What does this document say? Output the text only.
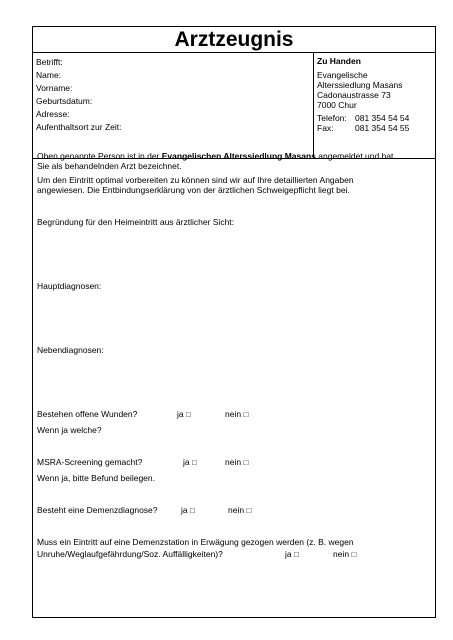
Arztzeugnis
Betrifft:
Name:
Vorname:
Geburtsdatum:
Adresse:
Aufenthaltsort zur Zeit:
Zu Handen
Evangelische
Alterssiedlung Masans
Cadonaustrasse 73
7000 Chur
Telefon: 081 354 54 54
Fax:	081 354 54 55
Oben genannte Person ist in der Evangelischen Alterssiedlung Masans angemeldet und hat
Sie als behandelnden Arzt bezeichnet.
Um den Eintritt optimal vorbereiten zu können sind wir auf Ihre detaillierten Angaben
angewiesen. Die Entbindungserklärung von der ärztlichen Schweigepflicht liegt bei.
Begründung für den Heimeintritt aus ärztlicher Sicht:
Hauptdiagnosen:
Nebendiagnosen:
Bestehen offene Wunden?	ja □	nein □
Wenn ja welche?
MSRA-Screening gemacht?	ja □	nein □
Wenn ja, bitte Befund beilegen.
Besteht eine Demenzdiagnose?	ja □	nein □
Muss ein Eintritt auf eine Demenzstation in Erwägung gezogen werden (z. B. wegen
Unruhe/Weglaufgefährdung/Soz. Auffälligkeiten)?	ja □	nein □
